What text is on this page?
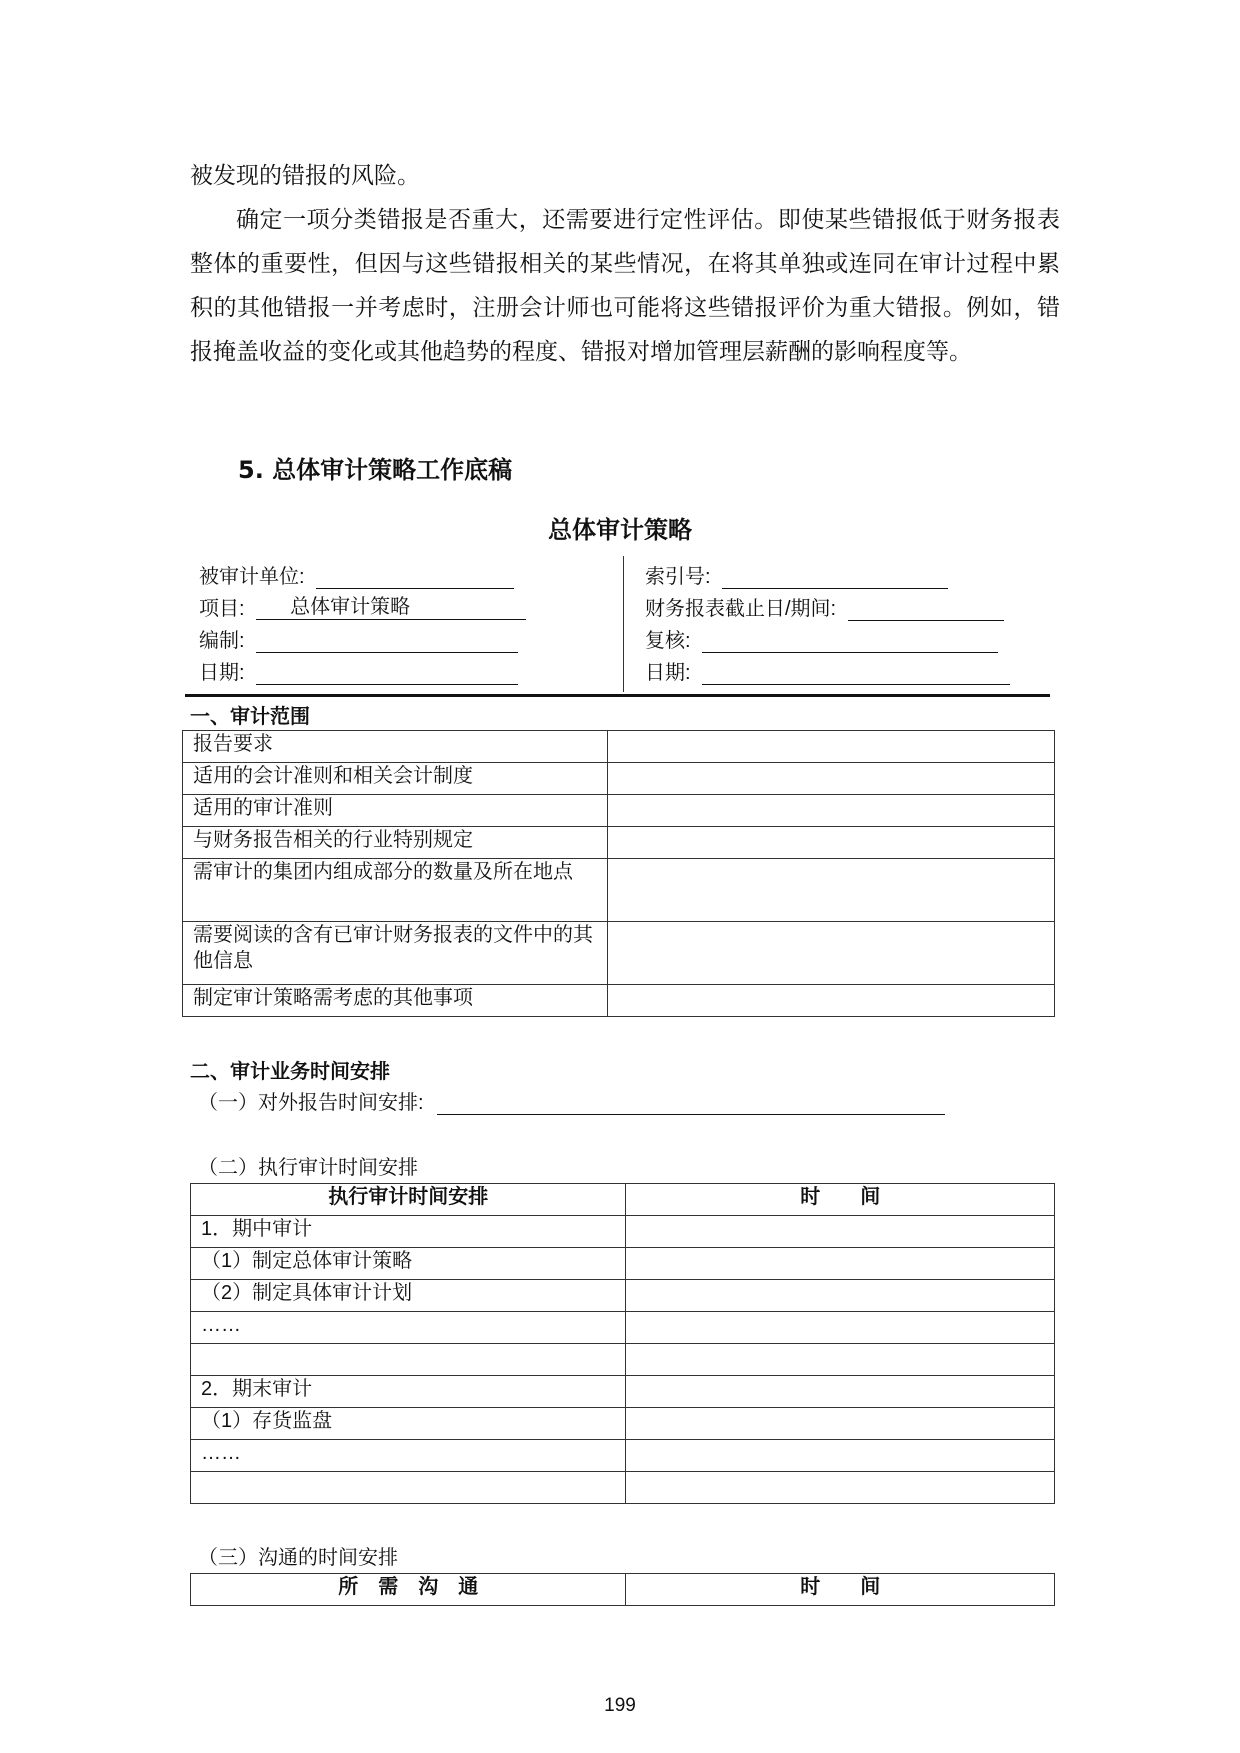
被发现的错报的风险。

确定一项分类错报是否重大，还需要进行定性评估。即使某些错报低于财务报表整体的重要性，但因与这些错报相关的某些情况，在将其单独或连同在审计过程中累积的其他错报一并考虑时，注册会计师也可能将这些错报评价为重大错报。例如，错报掩盖收益的变化或其他趋势的程度、错报对增加管理层薪酬的影响程度等。

5. 总体审计策略工作底稿

总体审计策略

被审计单位:
项目: 总体审计策略
编制:
日期:
索引号:
财务报表截止日/期间:
复核:
日期:

一、审计范围

报告要求	
适用的会计准则和相关会计制度	
适用的审计准则	
与财务报告相关的行业特别规定	
需审计的集团内组成部分的数量及所在地点	
需要阅读的含有已审计财务报表的文件中的其他信息	
制定审计策略需考虑的其他事项	

二、审计业务时间安排

（一）对外报告时间安排:
（二）执行审计时间安排
执行审计时间安排	时　　间
1．期中审计	
（1）制定总体审计策略	
（2）制定具体审计计划	
……	

2．期末审计	
（1）存货监盘	
……	

（三）沟通的时间安排
所　需　沟　通	时　　间
199
